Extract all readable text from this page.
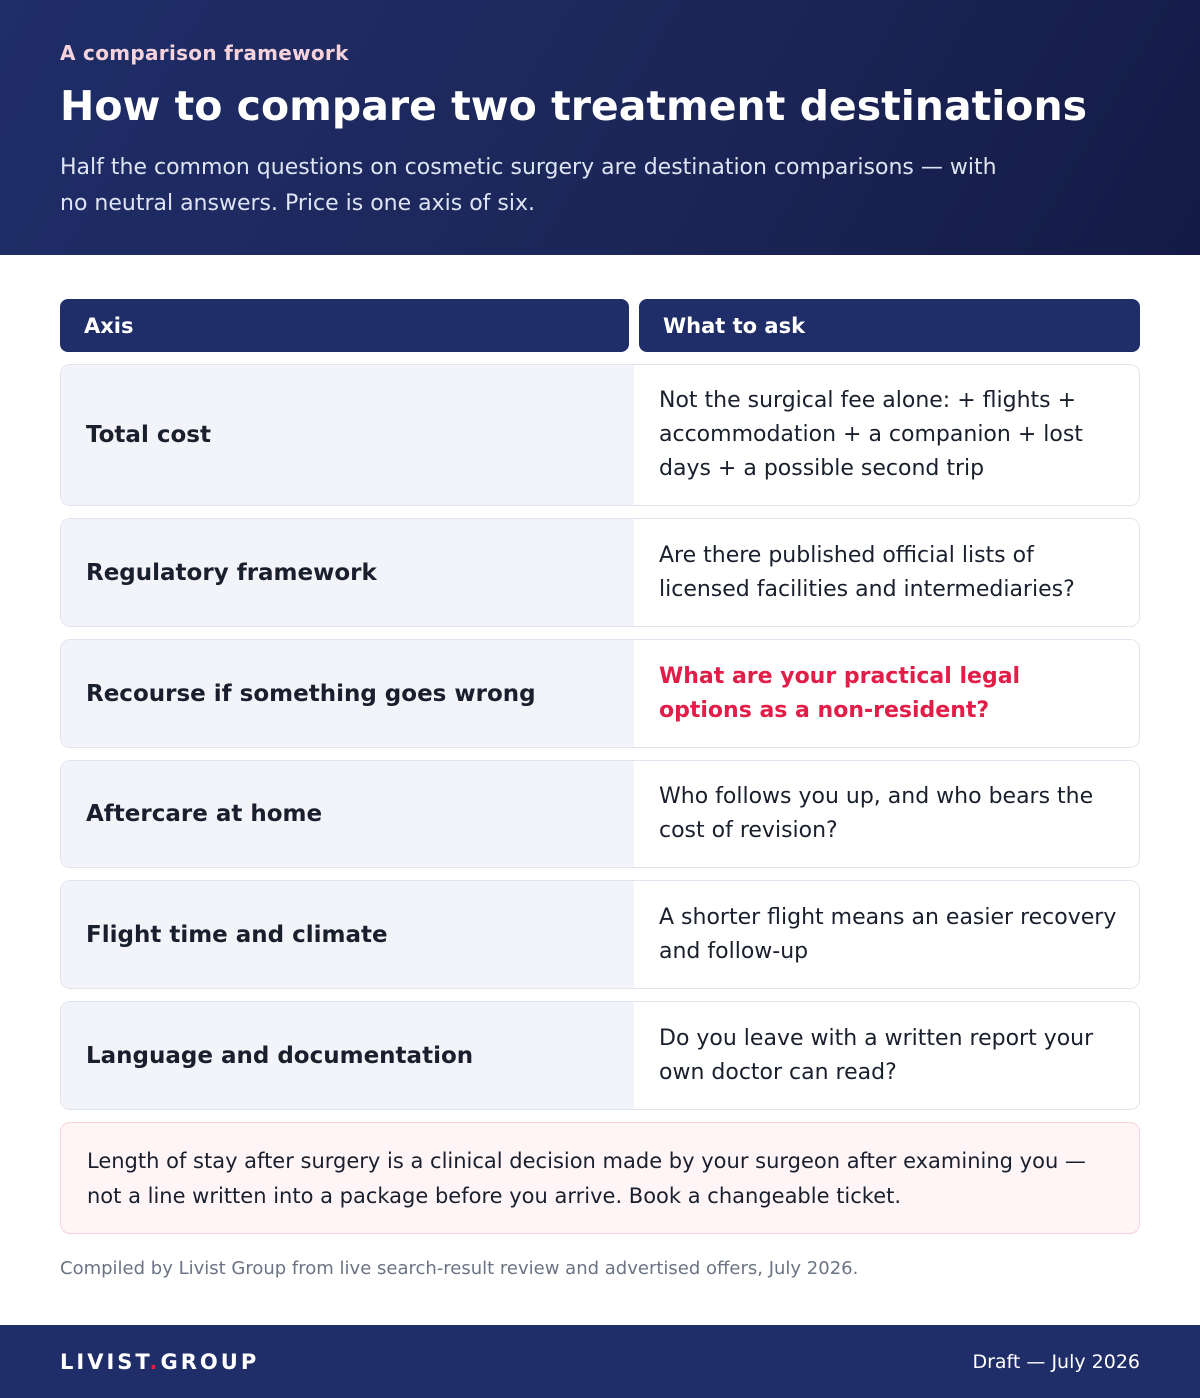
A comparison framework
How to compare two treatment destinations

Half the common questions on cosmetic surgery are destination comparisons — with no neutral answers. Price is one axis of six.

Axis	What to ask
Total cost
Not the surgical fee alone: + flights + accommodation + a companion + lost days + a possible second trip
Regulatory framework
Are there published official lists of licensed facilities and intermediaries?
Recourse if something goes wrong
What are your practical legal options as a non-resident?
Aftercare at home
Who follows you up, and who bears the cost of revision?
Flight time and climate
A shorter flight means an easier recovery and follow-up
Language and documentation
Do you leave with a written report your own doctor can read?
Length of stay after surgery is a clinical decision made by your surgeon after examining you — not a line written into a package before you arrive. Book a changeable ticket.

Compiled by Livist Group from live search-result review and advertised offers, July 2026.

LIVIST.GROUP	Draft — July 2026
